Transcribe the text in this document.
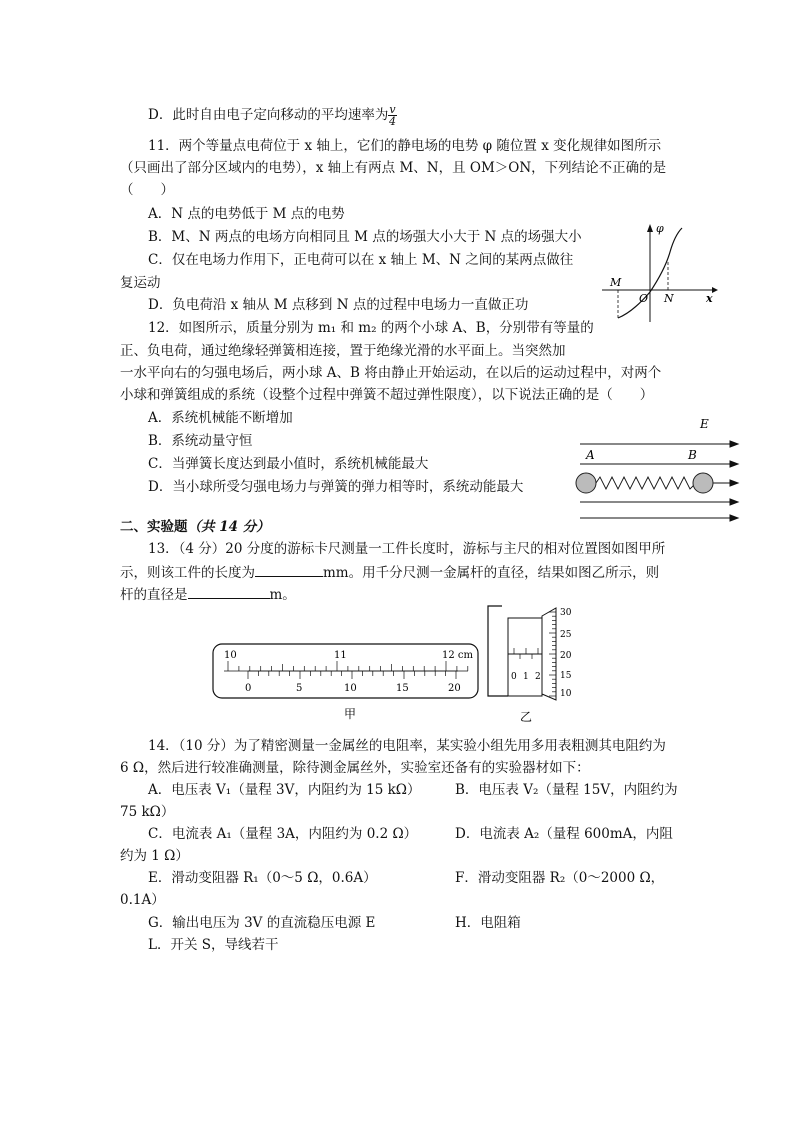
D．此时自由电子定向移动的平均速率为 $\frac{v}{4}$
11．两个等量点电荷位于 x 轴上，它们的静电场的电势 φ 随位置 x 变化规律如图所示
（只画出了部分区域内的电势），x 轴上有两点 M、N，且 OM＞ON，下列结论不正确的是
（　　）
A．N 点的电势低于 M 点的电势
B．M、N 两点的电场方向相同且 M 点的场强大小大于 N 点的场强大小
C．仅在电场力作用下，正电荷可以在 x 轴上 M、N 之间的某两点做往
复运动
D．负电荷沿 x 轴从 M 点移到 N 点的过程中电场力一直做正功
φ
x
M
O N
12．如图所示，质量分别为 m₁ 和 m₂ 的两个小球 A、B，分别带有等量的
正、负电荷，通过绝缘轻弹簧相连接，置于绝缘光滑的水平面上。当突然加
一水平向右的匀强电场后，两小球 A、B 将由静止开始运动，在以后的运动过程中，对两个
小球和弹簧组成的系统（设整个过程中弹簧不超过弹性限度），以下说法正确的是（　　）
A．系统机械能不断增加
B．系统动量守恒
C．当弹簧长度达到最小值时，系统机械能最大
D．当小球所受匀强电场力与弹簧的弹力相等时，系统动能最大
E
A	B
二、实验题（共 14 分）
13．（4 分）20 分度的游标卡尺测量一工件长度时，游标与主尺的相对位置图如图甲所
示，则该工件的长度为	mm。用千分尺测一金属杆的直径，结果如图乙所示，则
杆的直径是	m。
10	11	12 cm
0	5	10	15	20
甲
0 1 2
30
25
20
15
10
乙
14．（10 分）为了精密测量一金属丝的电阻率，某实验小组先用多用表粗测其电阻约为
6 Ω，然后进行较准确测量，除待测金属丝外，实验室还备有的实验器材如下：
A．电压表 V₁（量程 3V，内阻约为 15 kΩ）	B．电压表 V₂（量程 15V，内阻约为
75 kΩ）
C．电流表 A₁（量程 3A，内阻约为 0.2 Ω）	D．电流表 A₂（量程 600mA，内阻
约为 1 Ω）
E．滑动变阻器 R₁（0～5 Ω，0.6A）	F．滑动变阻器 R₂（0～2000 Ω，
0.1A）
G．输出电压为 3V 的直流稳压电源 E	H．电阻箱
L．开关 S，导线若干
